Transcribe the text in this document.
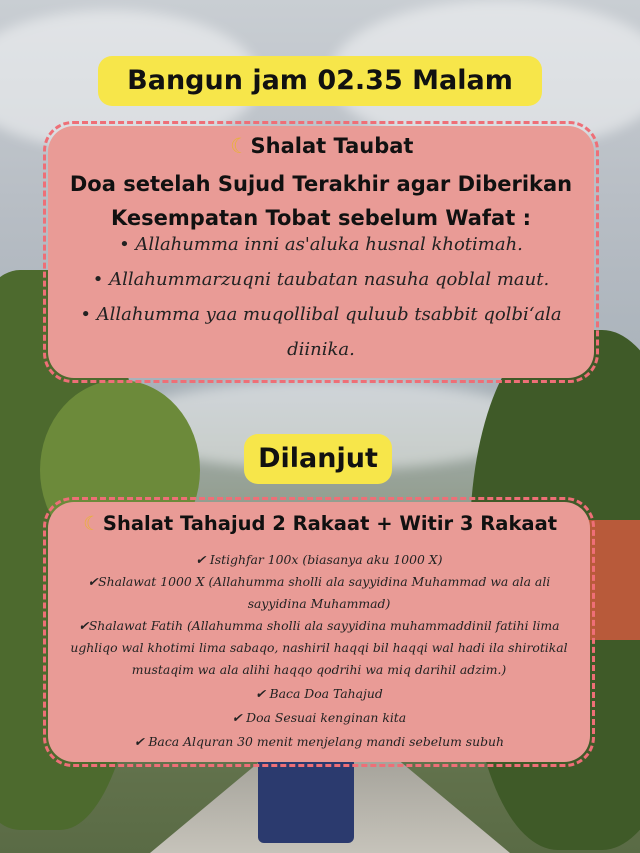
Bangun jam 02.35 Malam
☾Shalat Taubat
Doa setelah Sujud Terakhir agar Diberikan
Kesempatan Tobat sebelum Wafat :
• Allahumma inni as'aluka husnal khotimah.
• Allahummarzuqni taubatan nasuha qoblal maut.
• Allahumma yaa muqollibal quluub tsabbit qolbiʻala
diinika.
Dilanjut
☾ Shalat Tahajud 2 Rakaat + Witir 3 Rakaat
✔ Istighfar 100x (biasanya aku 1000 X)
✔Shalawat 1000 X (Allahumma sholli ala sayyidina Muhammad wa ala ali
sayyidina Muhammad)
✔Shalawat Fatih (Allahumma sholli ala sayyidina muhammaddinil fatihi lima
ughliqo wal khotimi lima sabaqo, nashiril haqqi bil haqqi wal hadi ila shirotikal
mustaqim wa ala alihi haqqo qodrihi wa miq darihil adzim.)
✔ Baca Doa Tahajud
✔ Doa Sesuai kenginan kita
✔ Baca Alquran 30 menit menjelang mandi sebelum subuh
